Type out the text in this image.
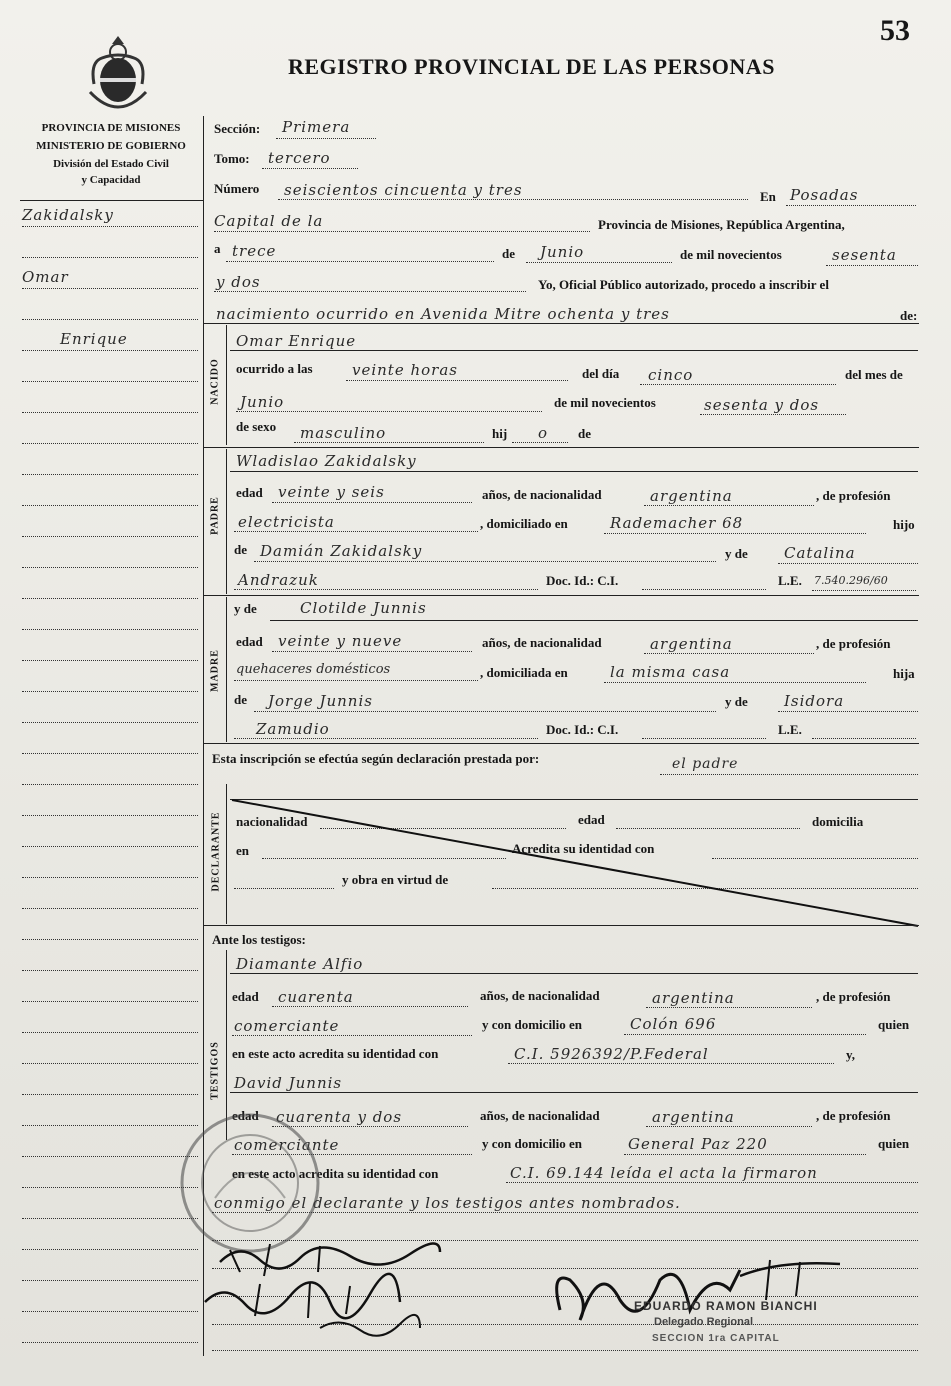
53
REGISTRO PROVINCIAL DE LAS PERSONAS
PROVINCIA DE MISIONES
MINISTERIO DE GOBIERNO
División del Estado Civil
y Capacidad
Zakidalsky
Omar
Enrique
Sección: Primera
Tomo: tercero
Número seiscientos cincuenta y tres	En Posadas
Capital de la	Provincia de Misiones, República Argentina,
a trece	de Junio	de mil novecientos	sesenta
y dos	Yo, Oficial Público autorizado, procedo a inscribir el
nacimiento ocurrido en Avenida Mitre ochenta y tres	de:
NACIDO
Omar Enrique
ocurrido a las	veinte horas	del día cinco	del mes de
Junio	de mil novecientos	sesenta y dos
de sexo masculino	hij o de
PADRE
Wladislao Zakidalsky
edad veinte y seis	años, de nacionalidad	argentina	, de profesión
electricista	, domiciliado en	Rademacher 68	hijo
de Damián Zakidalsky	y de Catalina
Andrazuk	Doc. Id.: C.I.	L.E. 7.540.296/60
MADRE
y de	Clotilde Junnis
edad veinte y nueve	años, de nacionalidad	argentina	, de profesión
quehaceres domésticos	, domiciliada en	la misma casa	hija
de Jorge Junnis	y de Isidora
Zamudio	Doc. Id.: C.I.	L.E.
Esta inscripción se efectúa según declaración prestada por:	el padre
DECLARANTE nacionalidad	edad	domicilia
en	Acredita su identidad con
y obra en virtud de
Ante los testigos:
TESTIGOS
Diamante Alfio
edad cuarenta	años, de nacionalidad	argentina	, de profesión
comerciante	y con domicilio en	Colón 696	quien
en este acto acredita su identidad con	C.I. 5926392/P.Federal	y,
David Junnis
edad cuarenta y dos	años, de nacionalidad	argentina	, de profesión
comerciante	y con domicilio en	General Paz 220	quien
en este acto acredita su identidad con	C.I. 69.144 leída el acta la firmaron
conmigo el declarante y los testigos antes nombrados.
EDUARDO RAMON BIANCHI
Delegado Regional
SECCION 1ra CAPITAL
